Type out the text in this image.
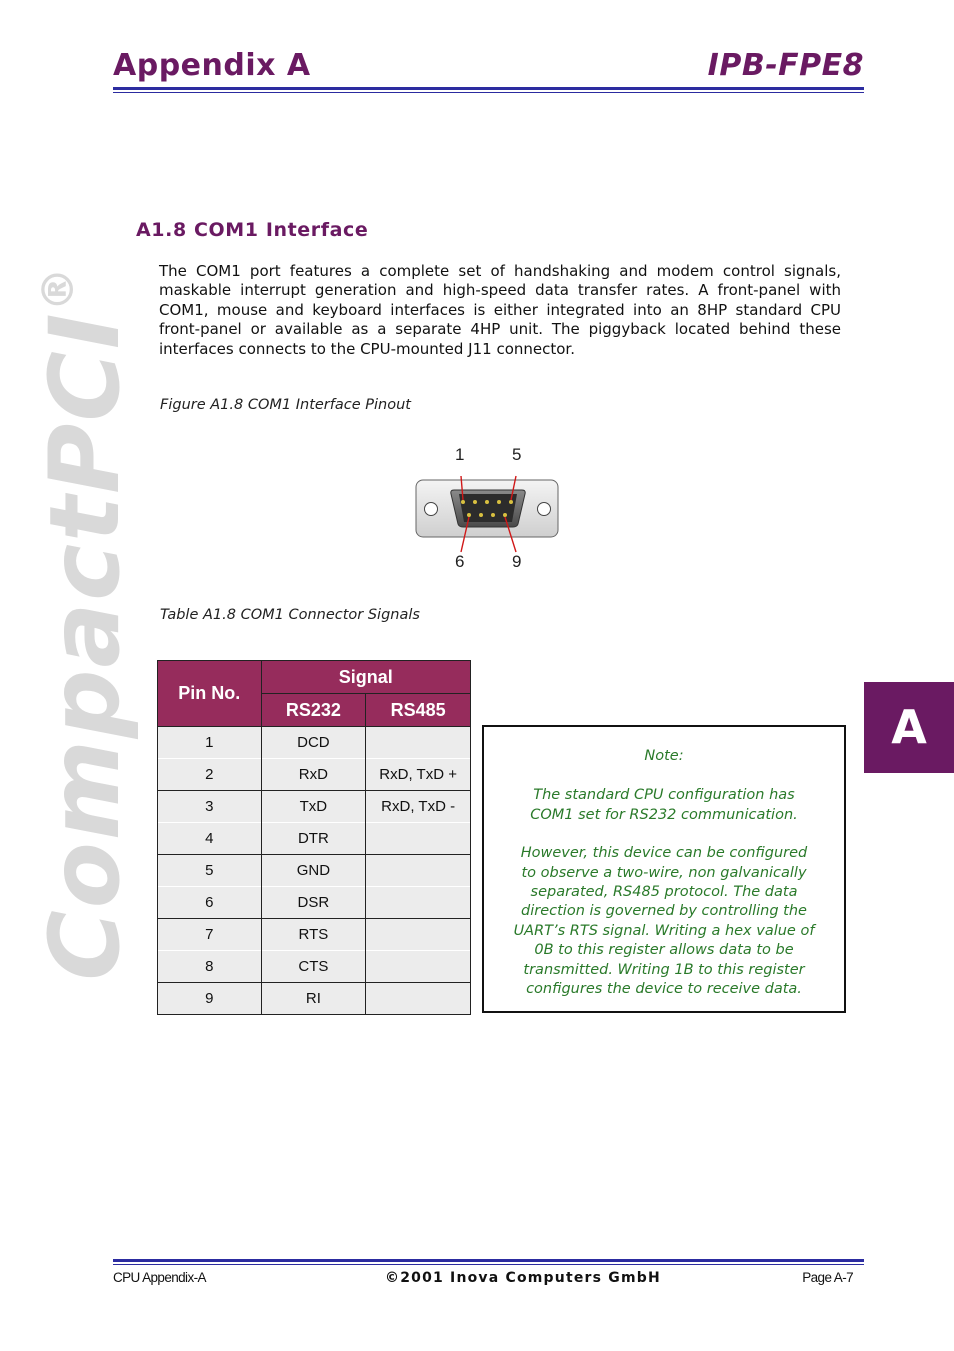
Appendix A	IPB-FPE8
CompactPCI®
A1.8 COM1 Interface
The COM1 port features a complete set of handshaking and modem control signals, maskable interrupt generation and high-speed data transfer rates. A front-panel with COM1, mouse and keyboard interfaces is either integrated into an 8HP standard CPU front-panel or available as a separate 4HP unit. The piggyback located behind these interfaces connects to the CPU-mounted J11 connector.
Figure A1.8 COM1 Interface Pinout
1	5
6	9
Table A1.8 COM1 Connector Signals
Pin No.	Signal	
	RS232	RS485
1	DCD	
2	RxD	RxD, TxD +
3	TxD	RxD, TxD -
4	DTR	
5	GND	
6	DSR	
7	RTS	
8	CTS	
9	RI	
Note:
The standard CPU configuration has COM1 set for RS232 communication.
However, this device can be configured to observe a two-wire, non galvanically separated, RS485 protocol. The data direction is governed by controlling the UART’s RTS signal. Writing a hex value of 0B to this register allows data to be transmitted. Writing 1B to this register configures the device to receive data.
A
CPU Appendix-A	©2001 Inova Computers GmbH	Page A-7
